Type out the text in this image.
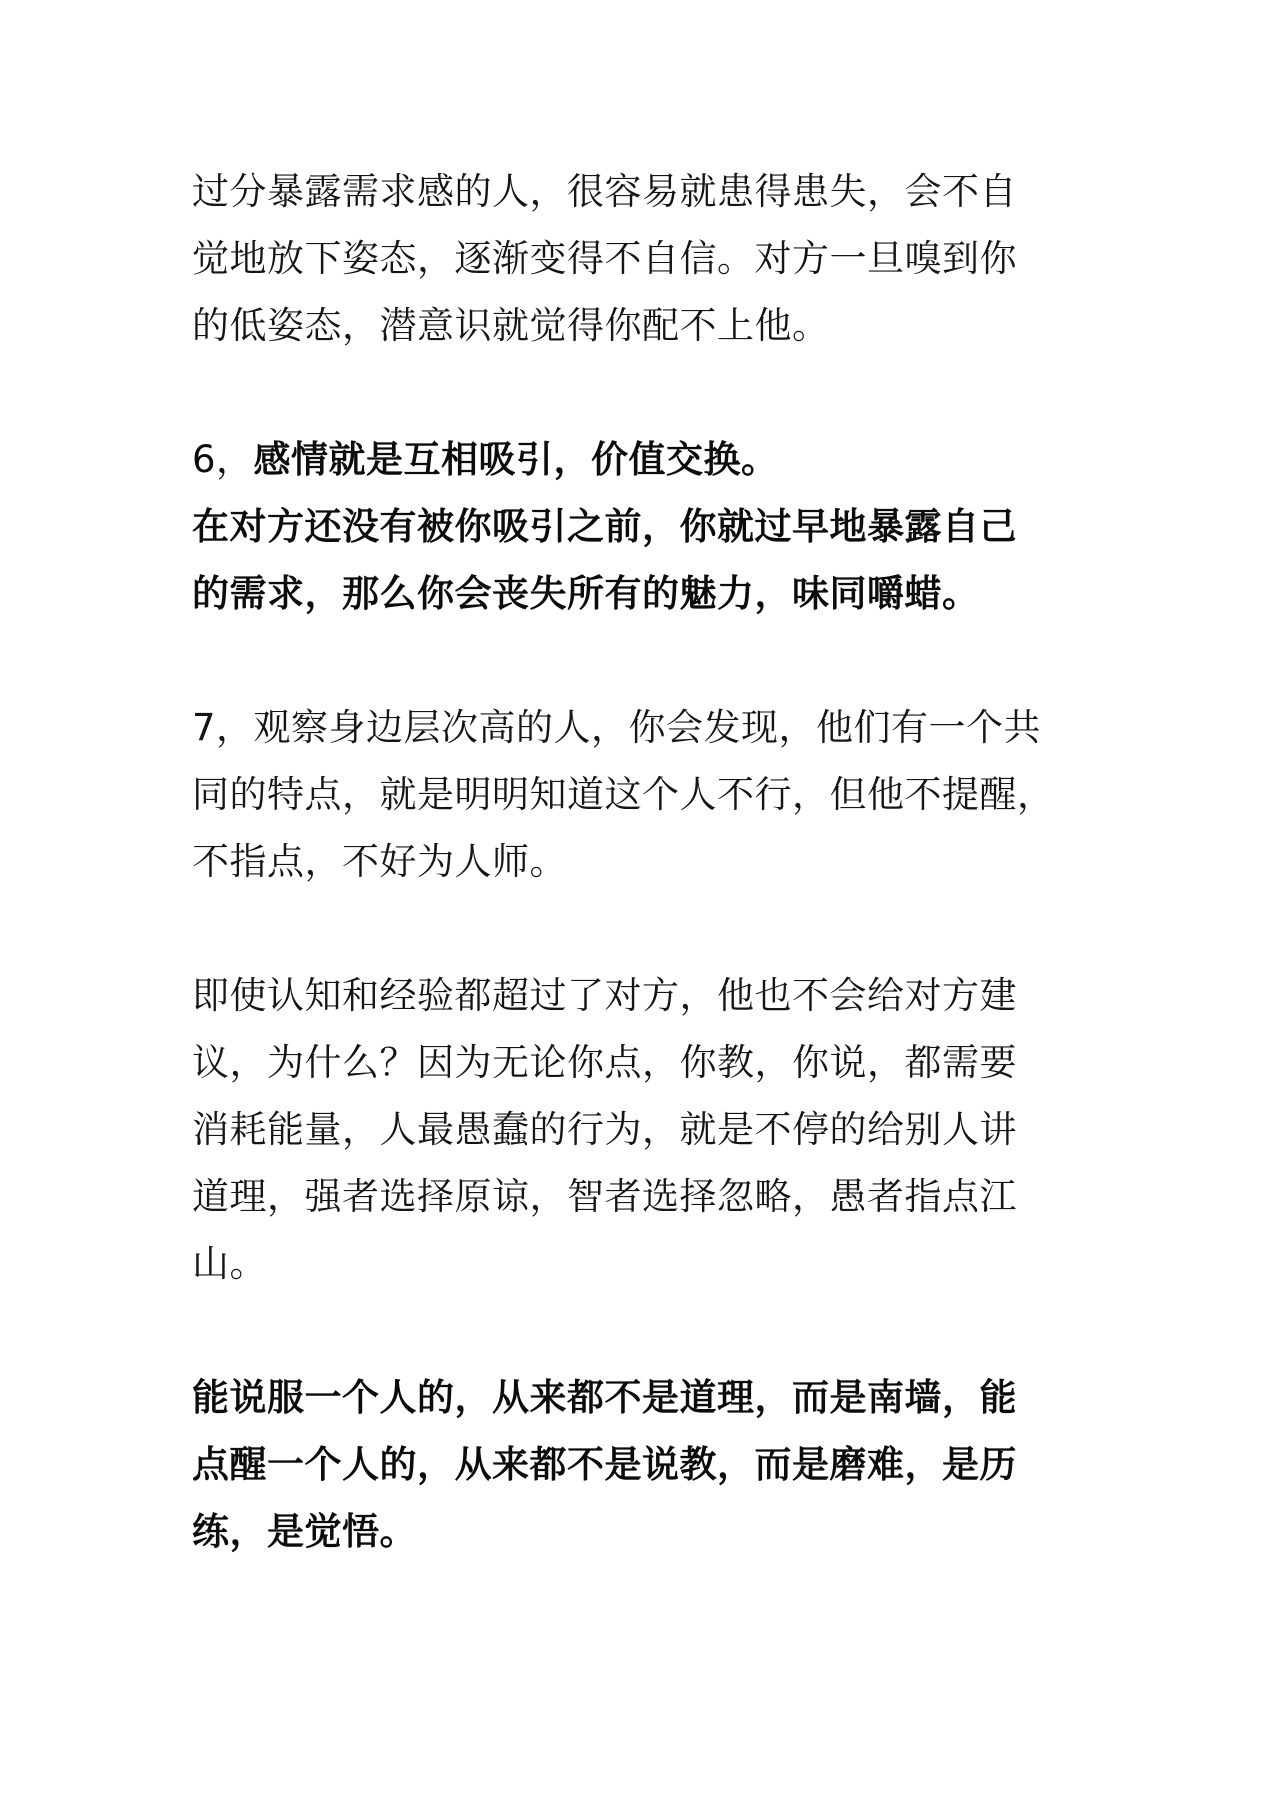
过分暴露需求感的人，很容易就患得患失，会不自
觉地放下姿态，逐渐变得不自信。对方一旦嗅到你
的低姿态，潜意识就觉得你配不上他。

6，感情就是互相吸引，价值交换。
在对方还没有被你吸引之前，你就过早地暴露自己
的需求，那么你会丧失所有的魅力，味同嚼蜡。

7，观察身边层次高的人，你会发现，他们有一个共
同的特点，就是明明知道这个人不行，但他不提醒，
不指点，不好为人师。

即使认知和经验都超过了对方，他也不会给对方建
议，为什么？因为无论你点，你教，你说，都需要
消耗能量，人最愚蠢的行为，就是不停的给别人讲
道理，强者选择原谅，智者选择忽略，愚者指点江
山。

能说服一个人的，从来都不是道理，而是南墙，能
点醒一个人的，从来都不是说教，而是磨难，是历
练，是觉悟。
